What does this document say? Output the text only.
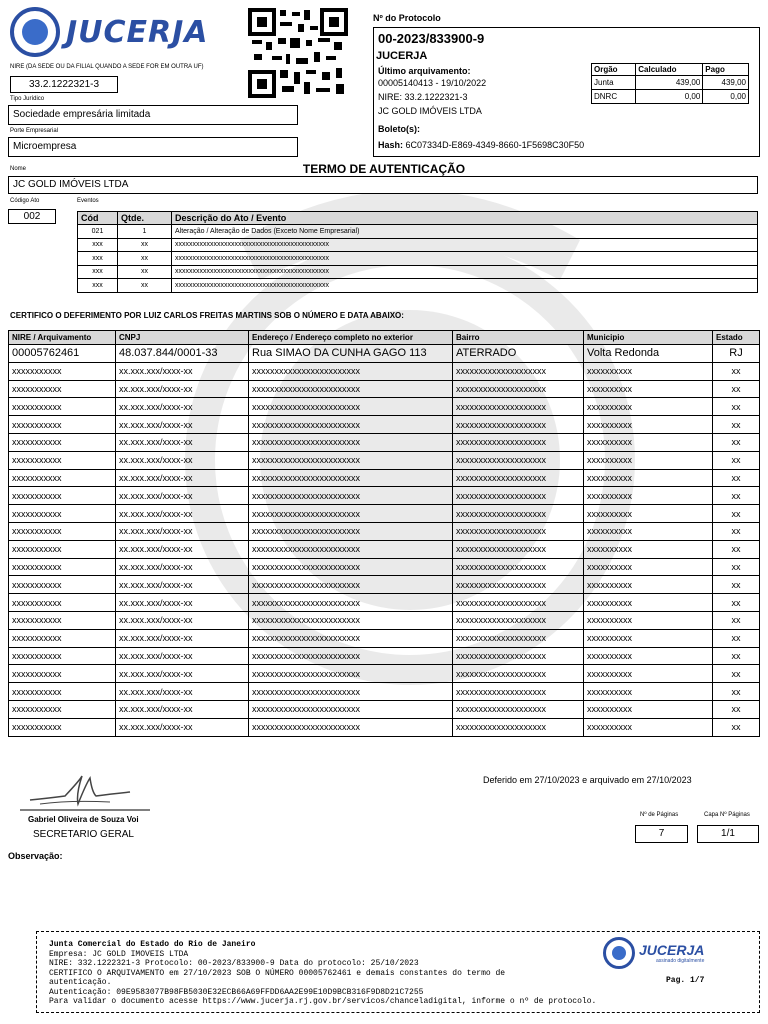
JUCERJA
NIRE (DA SEDE OU DA FILIAL QUANDO A SEDE FOR EM OUTRA UF)
33.2.1222321-3
Tipo Jurídico
Sociedade empresária limitada
Porte Empresarial
Microempresa
Nº do Protocolo
00-2023/833900-9
JUCERJA
Último arquivamento:
00005140413 - 19/10/2022
NIRE: 33.2.1222321-3
JC GOLD IMÓVEIS LTDA
Boleto(s):
Hash: 6C07334D-E869-4349-8660-1F5698C30F50
Orgão	Calculado	Pago
Junta	439,00	439,00
DNRC	0,00	0,00
TERMO DE AUTENTICAÇÃO
Nome
JC GOLD IMÓVEIS LTDA
Código Ato	Eventos
002	Cód	Qtde.	Descrição do Ato / Evento
021	1	Alteração / Alteração de Dados (Exceto Nome Empresarial)
xxx	xx	xxxxxxxxxxxxxxxxxxxxxxxxxxxxxxxxxxxxxxxxxxxx
xxx	xx	xxxxxxxxxxxxxxxxxxxxxxxxxxxxxxxxxxxxxxxxxxxx
xxx	xx	xxxxxxxxxxxxxxxxxxxxxxxxxxxxxxxxxxxxxxxxxxxx
xxx	xx	xxxxxxxxxxxxxxxxxxxxxxxxxxxxxxxxxxxxxxxxxxxx
CERTIFICO O DEFERIMENTO POR LUIZ CARLOS FREITAS MARTINS SOB O NÚMERO E DATA ABAIXO:
NIRE / Arquivamento	CNPJ	Endereço / Endereço completo no exterior	Bairro	Municipio	Estado
00005762461	48.037.844/0001-33	Rua SIMAO DA CUNHA GAGO 113	ATERRADO	Volta Redonda	RJ
xxxxxxxxxxx	xx.xxx.xxx/xxxx-xx	xxxxxxxxxxxxxxxxxxxxxxxx	xxxxxxxxxxxxxxxxxxxx	xxxxxxxxxx	xx
xxxxxxxxxxx	xx.xxx.xxx/xxxx-xx	xxxxxxxxxxxxxxxxxxxxxxxx	xxxxxxxxxxxxxxxxxxxx	xxxxxxxxxx	xx
xxxxxxxxxxx	xx.xxx.xxx/xxxx-xx	xxxxxxxxxxxxxxxxxxxxxxxx	xxxxxxxxxxxxxxxxxxxx	xxxxxxxxxx	xx
xxxxxxxxxxx	xx.xxx.xxx/xxxx-xx	xxxxxxxxxxxxxxxxxxxxxxxx	xxxxxxxxxxxxxxxxxxxx	xxxxxxxxxx	xx
xxxxxxxxxxx	xx.xxx.xxx/xxxx-xx	xxxxxxxxxxxxxxxxxxxxxxxx	xxxxxxxxxxxxxxxxxxxx	xxxxxxxxxx	xx
xxxxxxxxxxx	xx.xxx.xxx/xxxx-xx	xxxxxxxxxxxxxxxxxxxxxxxx	xxxxxxxxxxxxxxxxxxxx	xxxxxxxxxx	xx
xxxxxxxxxxx	xx.xxx.xxx/xxxx-xx	xxxxxxxxxxxxxxxxxxxxxxxx	xxxxxxxxxxxxxxxxxxxx	xxxxxxxxxx	xx
xxxxxxxxxxx	xx.xxx.xxx/xxxx-xx	xxxxxxxxxxxxxxxxxxxxxxxx	xxxxxxxxxxxxxxxxxxxx	xxxxxxxxxx	xx
xxxxxxxxxxx	xx.xxx.xxx/xxxx-xx	xxxxxxxxxxxxxxxxxxxxxxxx	xxxxxxxxxxxxxxxxxxxx	xxxxxxxxxx	xx
xxxxxxxxxxx	xx.xxx.xxx/xxxx-xx	xxxxxxxxxxxxxxxxxxxxxxxx	xxxxxxxxxxxxxxxxxxxx	xxxxxxxxxx	xx
xxxxxxxxxxx	xx.xxx.xxx/xxxx-xx	xxxxxxxxxxxxxxxxxxxxxxxx	xxxxxxxxxxxxxxxxxxxx	xxxxxxxxxx	xx
xxxxxxxxxxx	xx.xxx.xxx/xxxx-xx	xxxxxxxxxxxxxxxxxxxxxxxx	xxxxxxxxxxxxxxxxxxxx	xxxxxxxxxx	xx
xxxxxxxxxxx	xx.xxx.xxx/xxxx-xx	xxxxxxxxxxxxxxxxxxxxxxxx	xxxxxxxxxxxxxxxxxxxx	xxxxxxxxxx	xx
xxxxxxxxxxx	xx.xxx.xxx/xxxx-xx	xxxxxxxxxxxxxxxxxxxxxxxx	xxxxxxxxxxxxxxxxxxxx	xxxxxxxxxx	xx
xxxxxxxxxxx	xx.xxx.xxx/xxxx-xx	xxxxxxxxxxxxxxxxxxxxxxxx	xxxxxxxxxxxxxxxxxxxx	xxxxxxxxxx	xx
xxxxxxxxxxx	xx.xxx.xxx/xxxx-xx	xxxxxxxxxxxxxxxxxxxxxxxx	xxxxxxxxxxxxxxxxxxxx	xxxxxxxxxx	xx
xxxxxxxxxxx	xx.xxx.xxx/xxxx-xx	xxxxxxxxxxxxxxxxxxxxxxxx	xxxxxxxxxxxxxxxxxxxx	xxxxxxxxxx	xx
xxxxxxxxxxx	xx.xxx.xxx/xxxx-xx	xxxxxxxxxxxxxxxxxxxxxxxx	xxxxxxxxxxxxxxxxxxxx	xxxxxxxxxx	xx
xxxxxxxxxxx	xx.xxx.xxx/xxxx-xx	xxxxxxxxxxxxxxxxxxxxxxxx	xxxxxxxxxxxxxxxxxxxx	xxxxxxxxxx	xx
xxxxxxxxxxx	xx.xxx.xxx/xxxx-xx	xxxxxxxxxxxxxxxxxxxxxxxx	xxxxxxxxxxxxxxxxxxxx	xxxxxxxxxx	xx
xxxxxxxxxxx	xx.xxx.xxx/xxxx-xx	xxxxxxxxxxxxxxxxxxxxxxxx	xxxxxxxxxxxxxxxxxxxx	xxxxxxxxxx	xx
Deferido em 27/10/2023 e arquivado em 27/10/2023
Gabriel Oliveira de Souza Voi
SECRETARIO GERAL
Nº de Páginas	Capa Nº Páginas
7	1/1
Observação:
Junta Comercial do Estado do Rio de Janeiro
Empresa: JC GOLD IMOVEIS LTDA
NIRE: 332.1222321-3 Protocolo: 00-2023/833900-9 Data do protocolo: 25/10/2023
CERTIFICO O ARQUIVAMENTO em 27/10/2023 SOB O NÚMERO 00005762461 e demais constantes do termo de
autenticação.
Autenticação: 09E9583077B98FB5030E32ECB66A69FFDD6AA2E99E10D9BCB316F9D8D21C7255
Para validar o documento acesse https://www.jucerja.rj.gov.br/servicos/chanceladigital, informe o nº de protocolo.
JUCERJA
assinado digitalmente
Pag. 1/7
